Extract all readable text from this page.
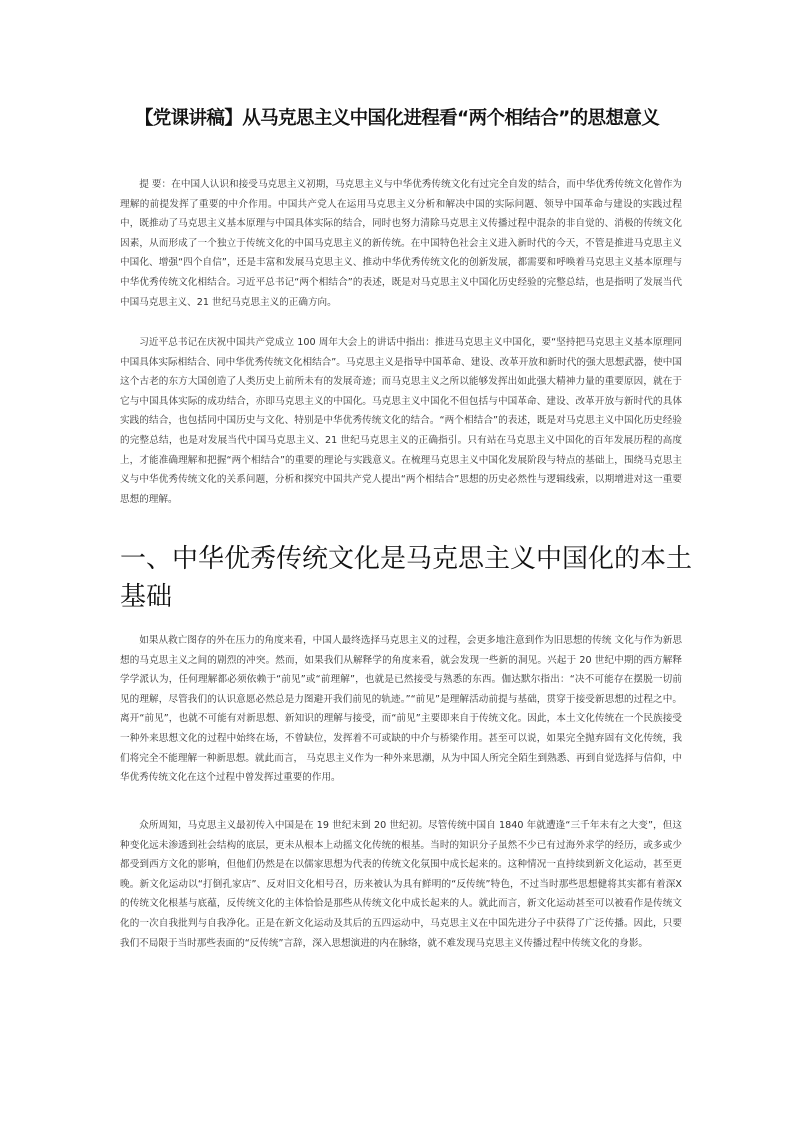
【党课讲稿】从马克思主义中国化进程看“两个相结合”的思想意义

提 要：在中国人认识和接受马克思主义初期，马克思主义与中华优秀传统文化有过完全自发的结合，而中华优秀传统文化曾作为理解的前提发挥了重要的中介作用。中国共产党人在运用马克思主义分析和解决中国的实际问题、领导中国革命与建设的实践过程中，既推动了马克思主义基本原理与中国具体实际的结合，同时也努力清除马克思主义传播过程中混杂的非自觉的、消极的传统文化因素，从而形成了一个独立于传统文化的中国马克思主义的新传统。在中国特色社会主义进入新时代的今天，不管是推进马克思主义中国化、增强“四个自信”，还是丰富和发展马克思主义、推动中华优秀传统文化的创新发展，都需要和呼唤着马克思主义基本原理与中华优秀传统文化相结合。习近平总书记“两个相结合”的表述，既是对马克思主义中国化历史经验的完整总结，也是指明了发展当代中国马克思主义、21 世纪马克思主义的正确方向。

习近平总书记在庆祝中国共产党成立 100 周年大会上的讲话中指出：推进马克思主义中国化，要“坚持把马克思主义基本原理同中国具体实际相结合、同中华优秀传统文化相结合”。马克思主义是指导中国革命、建设、改革开放和新时代的强大思想武器，使中国这个古老的东方大国创造了人类历史上前所未有的发展奇迹；而马克思主义之所以能够发挥出如此强大精神力量的重要原因，就在于它与中国具体实际的成功结合，亦即马克思主义的中国化。马克思主义中国化不但包括与中国革命、建设、改革开放与新时代的具体实践的结合，也包括同中国历史与文化、特别是中华优秀传统文化的结合。“两个相结合”的表述，既是对马克思主义中国化历史经验的完整总结，也是对发展当代中国马克思主义、21 世纪马克思主义的正确指引。只有站在马克思主义中国化的百年发展历程的高度上，才能准确理解和把握“两个相结合”的重要的理论与实践意义。在梳理马克思主义中国化发展阶段与特点的基础上，围绕马克思主义与中华优秀传统文化的关系问题，分析和探究中国共产党人提出“两个相结合”思想的历史必然性与逻辑线索，以期增进对这一重要思想的理解。

一、中华优秀传统文化是马克思主义中国化的本土基础

如果从救亡图存的外在压力的角度来看，中国人最终选择马克思主义的过程，会更多地注意到作为旧思想的传统 文化与作为新思想的马克思主义之间的剧烈的冲突。然而，如果我们从解释学的角度来看，就会发现一些新的洞见。兴起于 20 世纪中期的西方解释学学派认为，任何理解都必须依赖于“前见”或“前理解”，也就是已然接受与熟悉的东西。伽达默尔指出：“决不可能存在摆脱一切前见的理解，尽管我们的认识意愿必然总是力图避开我们前见的轨迹。”“前见”是理解活动前提与基础，贯穿于接受新思想的过程之中。离开“前见”，也就不可能有对新思想、新知识的理解与接受，而“前见”主要即来自于传统文化。因此，本土文化传统在一个民族接受一种外来思想文化的过程中始终在场，不曾缺位，发挥着不可或缺的中介与桥梁作用。甚至可以说，如果完全抛弃固有文化传统，我们将完全不能理解一种新思想。就此而言， 马克思主义作为一种外来思潮，从为中国人所完全陌生到熟悉、再到自觉选择与信仰，中华优秀传统文化在这个过程中曾发挥过重要的作用。

众所周知，马克思主义最初传入中国是在 19 世纪末到 20 世纪初。尽管传统中国自 1840 年就遭逢“三千年未有之大变”，但这种变化远未渗透到社会结构的底层，更未从根本上动摇文化传统的根基。当时的知识分子虽然不少已有过海外求学的经历，或多或少都受到西方文化的影响，但他们仍然是在以儒家思想为代表的传统文化氛围中成长起来的。这种情况一直持续到新文化运动，甚至更晚。新文化运动以“打倒孔家店”、反对旧文化相号召，历来被认为具有鲜明的“反传统”特色，不过当时那些思想健将其实都有着深X的传统文化根基与底蕴，反传统文化的主体恰恰是那些从传统文化中成长起来的人。就此而言，新文化运动甚至可以被看作是传统文化的一次自我批判与自我净化。正是在新文化运动及其后的五四运动中，马克思主义在中国先进分子中获得了广泛传播。因此，只要我们不局限于当时那些表面的“反传统”言辞，深入思想演进的内在脉络，就不难发现马克思主义传播过程中传统文化的身影。
